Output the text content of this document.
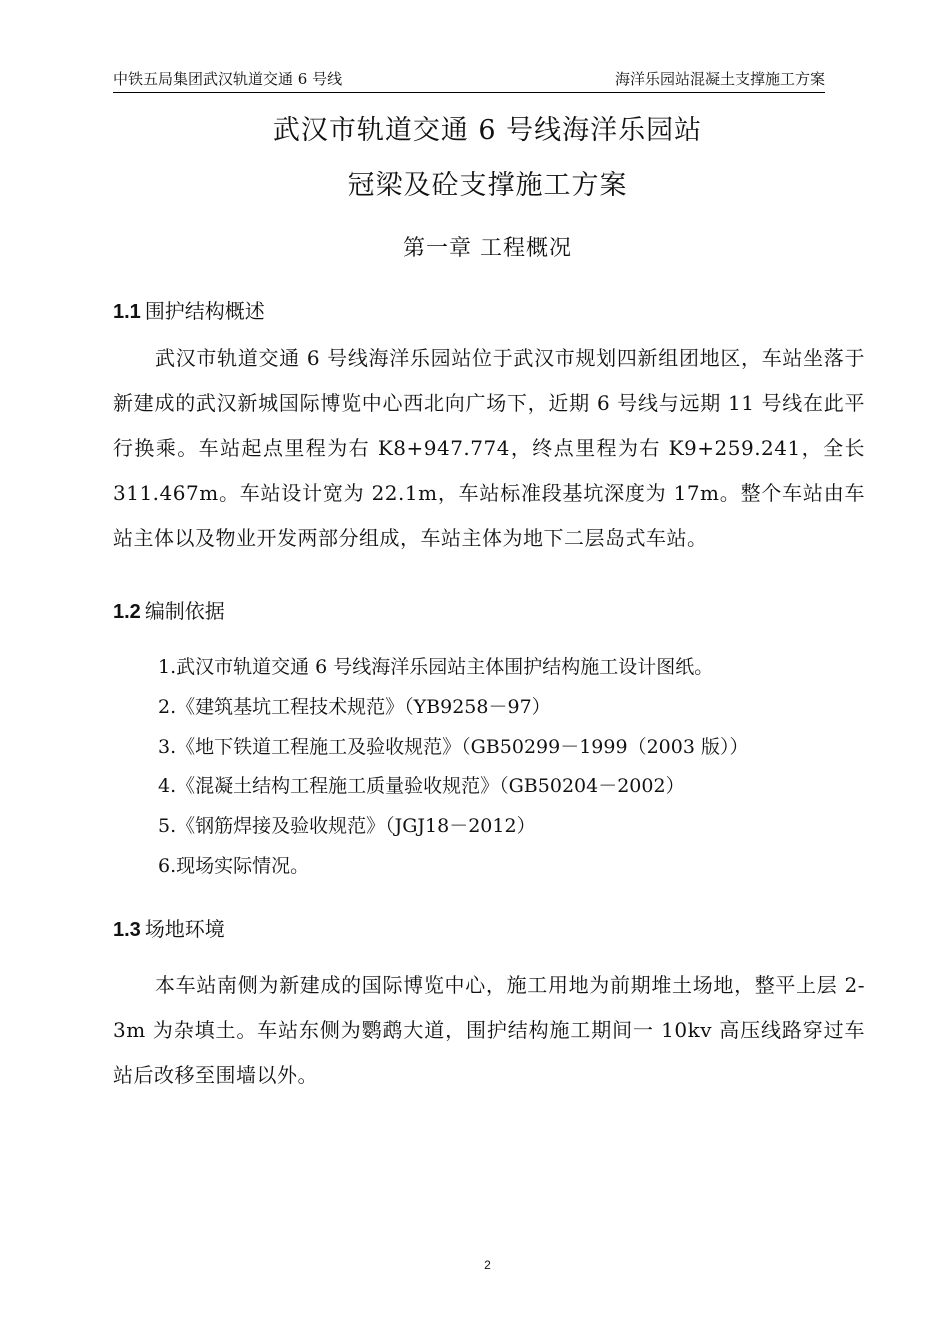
中铁五局集团武汉轨道交通 6 号线	海洋乐园站混凝土支撑施工方案
武汉市轨道交通 6 号线海洋乐园站
冠梁及砼支撑施工方案
第一章 工程概况
1.1 围护结构概述

武汉市轨道交通 6 号线海洋乐园站位于武汉市规划四新组团地区，车站坐落于新建成的武汉新城国际博览中心西北向广场下，近期 6 号线与远期 11 号线在此平行换乘。车站起点里程为右 K8+947.774，终点里程为右 K9+259.241，全长 311.467m。车站设计宽为 22.1m，车站标准段基坑深度为 17m。整个车站由车站主体以及物业开发两部分组成，车站主体为地下二层岛式车站。

1.2 编制依据
1.武汉市轨道交通 6 号线海洋乐园站主体围护结构施工设计图纸。
2.《建筑基坑工程技术规范》（YB9258－97）
3.《地下铁道工程施工及验收规范》（GB50299－1999（2003 版））
4.《混凝土结构工程施工质量验收规范》（GB50204－2002）
5.《钢筋焊接及验收规范》（JGJ18－2012）
6.现场实际情况。
1.3 场地环境

本车站南侧为新建成的国际博览中心，施工用地为前期堆土场地，整平上层 2-3m 为杂填土。车站东侧为鹦鹉大道，围护结构施工期间一 10kv 高压线路穿过车站后改移至围墙以外。

2
